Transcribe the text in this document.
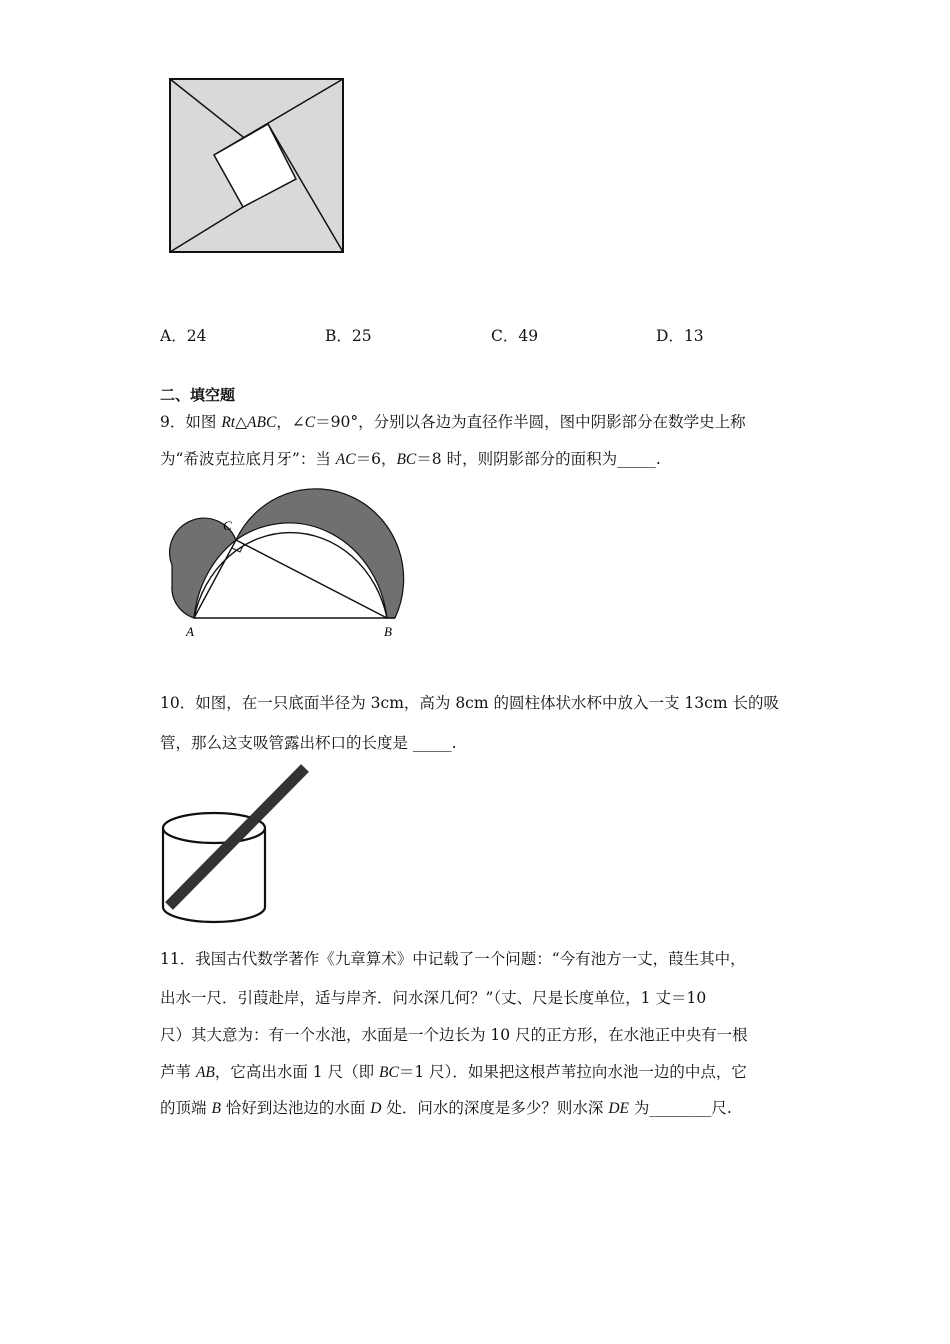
A．24	B．25	C．49	D．13
二、填空题
9．如图 Rt△ABC，∠C＝90°，分别以各边为直径作半圆，图中阴影部分在数学史上称
为“希波克拉底月牙”：当 AC＝6，BC＝8 时，则阴影部分的面积为_____.
C
A	B
10．如图，在一只底面半径为 3cm，高为 8cm 的圆柱体状水杯中放入一支 13cm 长的吸
管，那么这支吸管露出杯口的长度是 _____.
11．我国古代数学著作《九章算术》中记载了一个问题：“今有池方一丈，葭生其中，
出水一尺．引葭赴岸，适与岸齐．问水深几何？”（丈、尺是长度单位，1 丈＝10
尺）其大意为：有一个水池，水面是一个边长为 10 尺的正方形，在水池正中央有一根
芦苇 AB，它高出水面 1 尺（即 BC＝1 尺）．如果把这根芦苇拉向水池一边的中点，它
的顶端 B 恰好到达池边的水面 D 处．问水的深度是多少？则水深 DE 为________尺.
